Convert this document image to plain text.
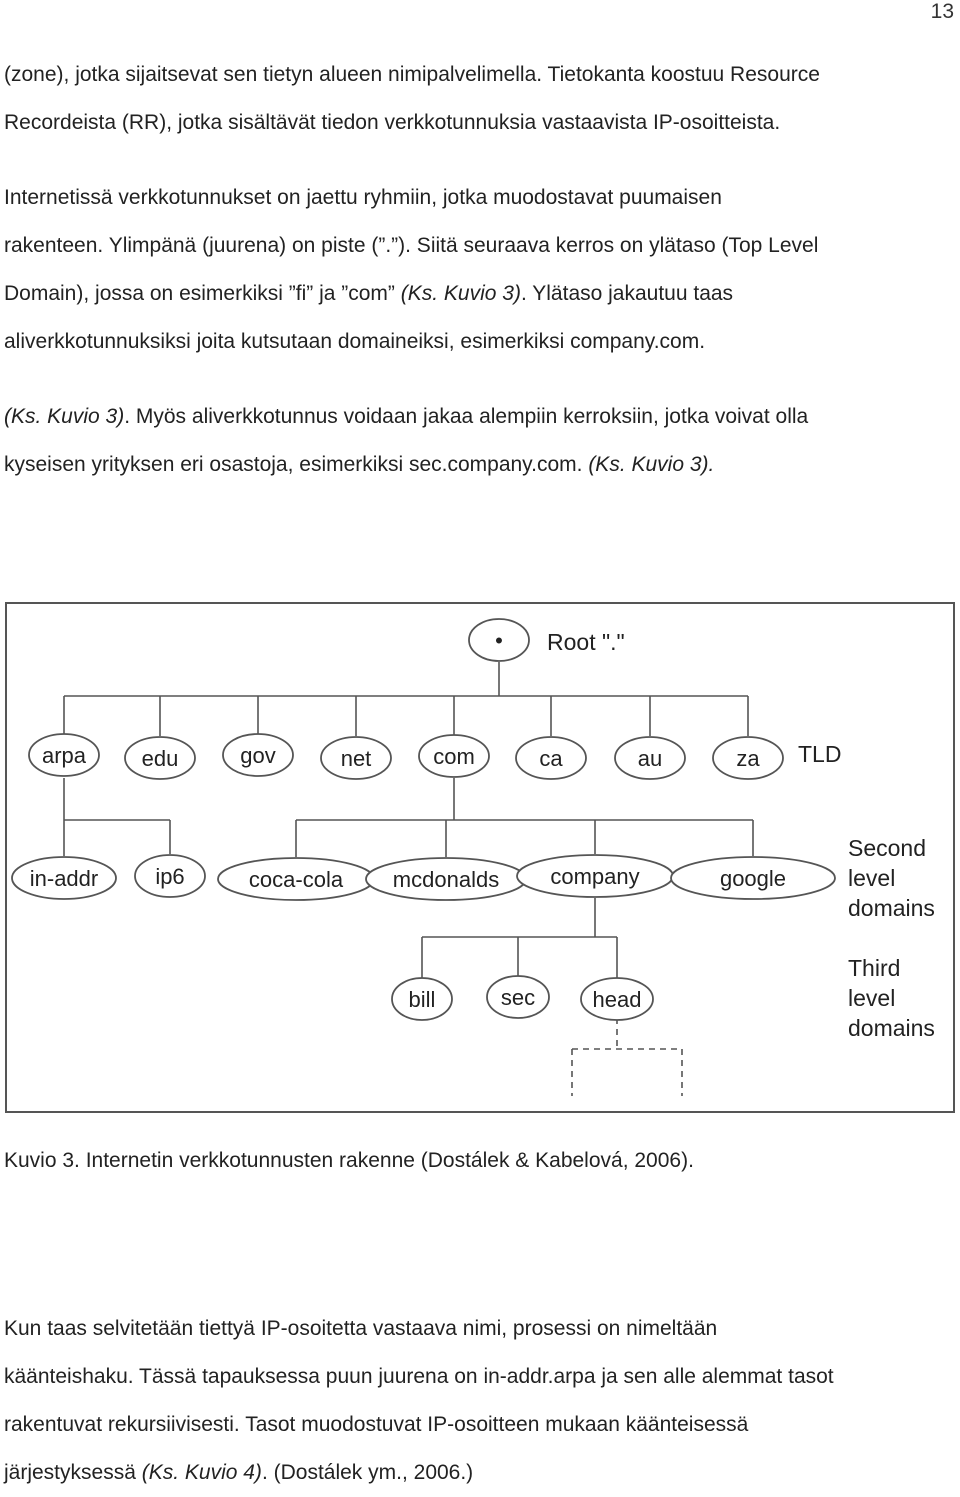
13

(zone), jotka sijaitsevat sen tietyn alueen nimipalvelimella. Tietokanta koostuu Resource
Recordeista (RR), jotka sisältävät tiedon verkkotunnuksia vastaavista IP-osoitteista.

Internetissä verkkotunnukset on jaettu ryhmiin, jotka muodostavat puumaisen
rakenteen. Ylimpänä (juurena) on piste (”.”). Siitä seuraava kerros on ylätaso (Top Level
Domain), jossa on esimerkiksi ”fi” ja ”com” (Ks. Kuvio 3). Ylätaso jakautuu taas
aliverkkotunnuksiksi joita kutsutaan domaineiksi, esimerkiksi company.com.

(Ks. Kuvio 3). Myös aliverkkotunnus voidaan jakaa alempiin kerroksiin, jotka voivat olla
kyseisen yrityksen eri osastoja, esimerkiksi sec.company.com. (Ks. Kuvio 3).

•
arpa	edu	gov	net	com	ca	au	za
in-addr	ip6	coca-cola mcdonalds company	google
bill	sec	head
Root "."
TLD
Second
level
domains
Third
level
domains
Kuvio 3. Internetin verkkotunnusten rakenne (Dostálek & Kabelová, 2006).

Kun taas selvitetään tiettyä IP-osoitetta vastaava nimi, prosessi on nimeltään
käänteishaku. Tässä tapauksessa puun juurena on in-addr.arpa ja sen alle alemmat tasot
rakentuvat rekursiivisesti. Tasot muodostuvat IP-osoitteen mukaan käänteisessä
järjestyksessä (Ks. Kuvio 4). (Dostálek ym., 2006.)
